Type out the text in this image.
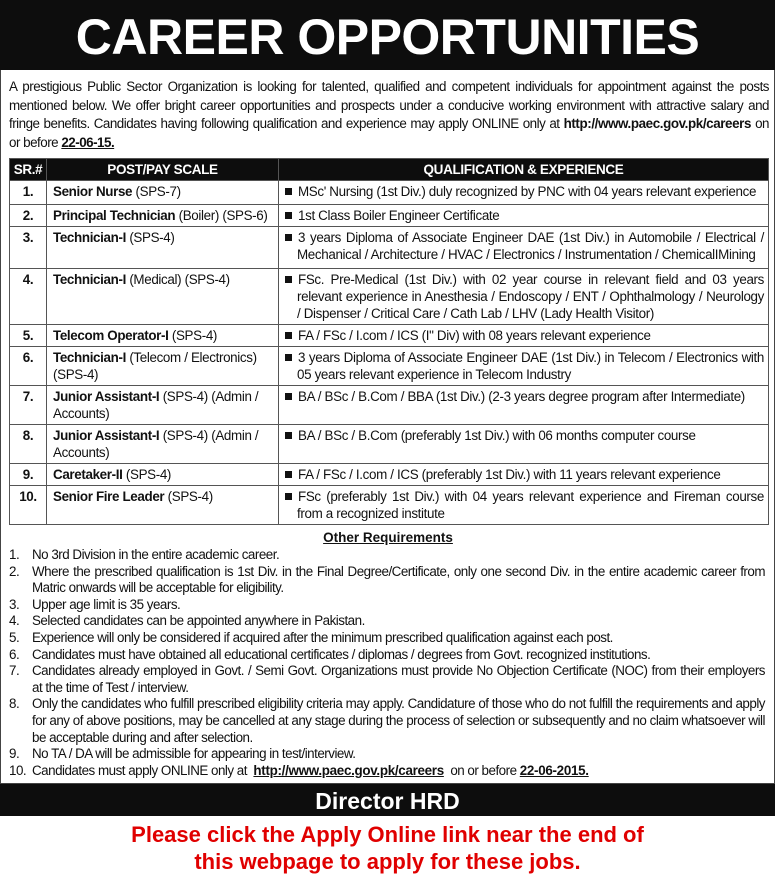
CAREER OPPORTUNITIES

A prestigious Public Sector Organization is looking for talented, qualified and competent individuals for appointment against the posts mentioned below. We offer bright career opportunities and prospects under a conducive working environment with attractive salary and fringe benefits. Candidates having following qualification and experience may apply ONLINE only at http://www.paec.gov.pk/careers on or before 22-06-15.

SR.#	POST/PAY SCALE	QUALIFICATION & EXPERIENCE
1.	Senior Nurse (SPS-7)	MSc' Nursing (1st Div.) duly recognized by PNC with 04 years relevant experience
2.	Principal Technician (Boiler) (SPS-6)	1st Class Boiler Engineer Certificate
3.	Technician-I (SPS-4)	3 years Diploma of Associate Engineer DAE (1st Div.) in Automobile / Electrical / Mechanical / Architecture / HVAC / Electronics / Instrumentation / ChemicalIMining
4.	Technician-I (Medical) (SPS-4)	FSc. Pre-Medical (1st Div.) with 02 year course in relevant field and 03 years relevant experience in Anesthesia / Endoscopy / ENT / Ophthalmology / Neurology / Dispenser / Critical Care / Cath Lab / LHV (Lady Health Visitor)
5.	Telecom Operator-I (SPS-4)	FA / FSc / I.com / ICS (I" Div) with 08 years relevant experience
6.	Technician-I (Telecom / Electronics) (SPS-4)	3 years Diploma of Associate Engineer DAE (1st Div.) in Telecom / Electronics with 05 years relevant experience in Telecom Industry
7.	Junior Assistant-I (SPS-4) (Admin / Accounts)	BA / BSc / B.Com / BBA (1st Div.) (2-3 years degree program after Intermediate)
8.	Junior Assistant-I (SPS-4) (Admin / Accounts)	BA / BSc / B.Com (preferably 1st Div.) with 06 months computer course
9.	Caretaker-II (SPS-4)	FA / FSc / I.com / ICS (preferably 1st Div.) with 11 years relevant experience
10.	Senior Fire Leader (SPS-4)	FSc (preferably 1st Div.) with 04 years relevant experience and Fireman course from a recognized institute
Other Requirements
1. No 3rd Division in the entire academic career.
2. Where the prescribed qualification is 1st Div. in the Final Degree/Certificate, only one second Div. in the entire academic career from Matric onwards will be acceptable for eligibility.
3. Upper age limit is 35 years.
4. Selected candidates can be appointed anywhere in Pakistan.
5. Experience will only be considered if acquired after the minimum prescribed qualification against each post.
6. Candidates must have obtained all educational certificates / diplomas / degrees from Govt. recognized institutions.
7. Candidates already employed in Govt. / Semi Govt. Organizations must provide No Objection Certificate (NOC) from their employers at the time of Test / interview.
8. Only the candidates who fulfill prescribed eligibility criteria may apply. Candidature of those who do not fulfill the requirements and apply for any of above positions, may be cancelled at any stage during the process of selection or subsequently and no claim whatsoever will be acceptable during and after selection.
9. No TA / DA will be admissible for appearing in test/interview.
10. Candidates must apply ONLINE only at http://www.paec.gov.pk/careers on or before 22-06-2015.
Director HRD
Please click the Apply Online link near the end of this webpage to apply for these jobs.
